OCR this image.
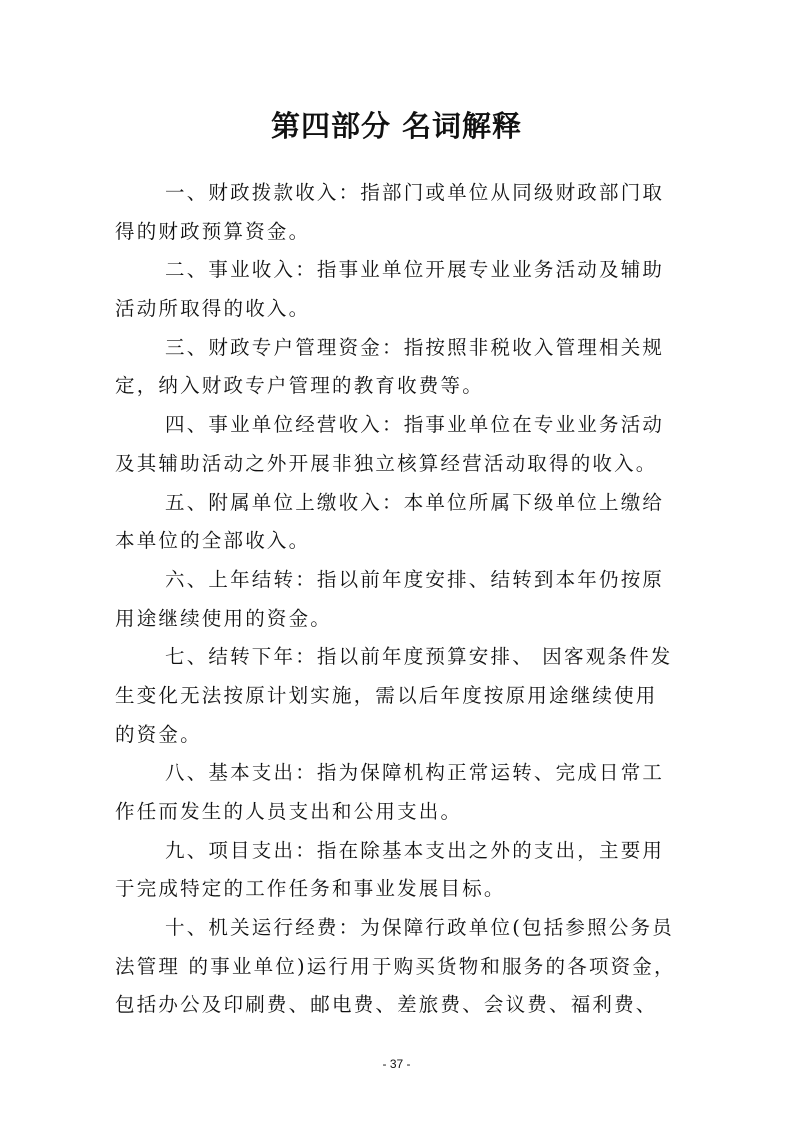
第四部分 名词解释
一、财政拨款收入：指部门或单位从同级财政部门取
得的财政预算资金。
二、事业收入：指事业单位开展专业业务活动及辅助
活动所取得的收入。
三、财政专户管理资金：指按照非税收入管理相关规
定，纳入财政专户管理的教育收费等。
四、事业单位经营收入：指事业单位在专业业务活动
及其辅助活动之外开展非独立核算经营活动取得的收入。
五、附属单位上缴收入：本单位所属下级单位上缴给
本单位的全部收入。
六、上年结转：指以前年度安排、结转到本年仍按原
用途继续使用的资金。
七、结转下年：指以前年度预算安排、 因客观条件发
生变化无法按原计划实施，需以后年度按原用途继续使用
的资金。
八、基本支出：指为保障机构正常运转、完成日常工
作任而发生的人员支出和公用支出。
九、项目支出：指在除基本支出之外的支出，主要用
于完成特定的工作任务和事业发展目标。
十、机关运行经费：为保障行政单位(包括参照公务员
法管理 的事业单位)运行用于购买货物和服务的各项资金，
包括办公及印刷费、邮电费、差旅费、会议费、福利费、
- 37 -
